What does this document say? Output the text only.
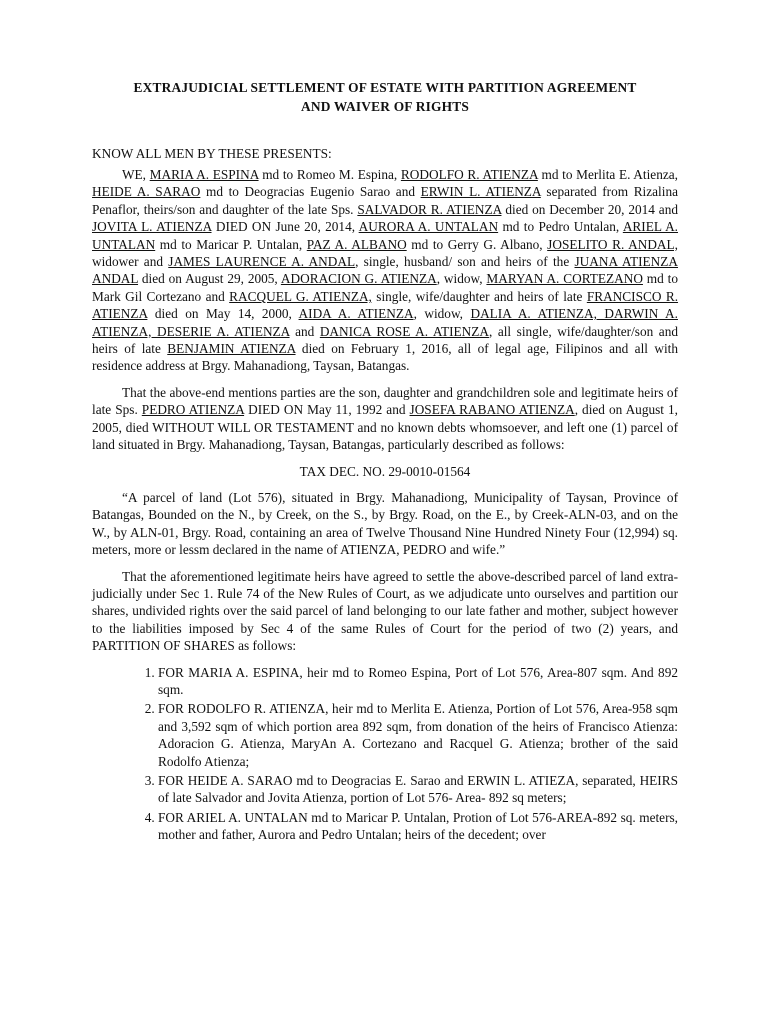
EXTRAJUDICIAL SETTLEMENT OF ESTATE WITH PARTITION AGREEMENT
AND WAIVER OF RIGHTS
KNOW ALL MEN BY THESE PRESENTS:

WE, MARIA A. ESPINA md to Romeo M. Espina, RODOLFO R. ATIENZA md to Merlita E. Atienza, HEIDE A. SARAO md to Deogracias Eugenio Sarao and ERWIN L. ATIENZA separated from Rizalina Penaflor, theirs/son and daughter of the late Sps. SALVADOR R. ATIENZA died on December 20, 2014 and JOVITA L. ATIENZA DIED ON June 20, 2014, AURORA A. UNTALAN md to Pedro Untalan, ARIEL A. UNTALAN md to Maricar P. Untalan, PAZ A. ALBANO md to Gerry G. Albano, JOSELITO R. ANDAL, widower and JAMES LAURENCE A. ANDAL, single, husband/ son and heirs of the JUANA ATIENZA ANDAL died on August 29, 2005, ADORACION G. ATIENZA, widow, MARYAN A. CORTEZANO md to Mark Gil Cortezano and RACQUEL G. ATIENZA, single, wife/daughter and heirs of late FRANCISCO R. ATIENZA died on May 14, 2000, AIDA A. ATIENZA, widow, DALIA A. ATIENZA, DARWIN A. ATIENZA, DESERIE A. ATIENZA and DANICA ROSE A. ATIENZA, all single, wife/daughter/son and heirs of late BENJAMIN ATIENZA died on February 1, 2016, all of legal age, Filipinos and all with residence address at Brgy. Mahanadiong, Taysan, Batangas.

That the above-end mentions parties are the son, daughter and grandchildren sole and legitimate heirs of late Sps. PEDRO ATIENZA DIED ON May 11, 1992 and JOSEFA RABANO ATIENZA, died on August 1, 2005, died WITHOUT WILL OR TESTAMENT and no known debts whomsoever, and left one (1) parcel of land situated in Brgy. Mahanadiong, Taysan, Batangas, particularly described as follows:

TAX DEC. NO. 29-0010-01564

“A parcel of land (Lot 576), situated in Brgy. Mahanadiong, Municipality of Taysan, Province of Batangas, Bounded on the N., by Creek, on the S., by Brgy. Road, on the E., by Creek-ALN-03, and on the W., by ALN-01, Brgy. Road, containing an area of Twelve Thousand Nine Hundred Ninety Four (12,994) sq. meters, more or lessm declared in the name of ATIENZA, PEDRO and wife.”

That the aforementioned legitimate heirs have agreed to settle the above-described parcel of land extra-judicially under Sec 1. Rule 74 of the New Rules of Court, as we adjudicate unto ourselves and partition our shares, undivided rights over the said parcel of land belonging to our late father and mother, subject however to the liabilities imposed by Sec 4 of the same Rules of Court for the period of two (2) years, and PARTITION OF SHARES as follows:

1. FOR MARIA A. ESPINA, heir md to Romeo Espina, Port of Lot 576, Area-807 sqm. And 892 sqm.
2. FOR RODOLFO R. ATIENZA, heir md to Merlita E. Atienza, Portion of Lot 576, Area-958 sqm and 3,592 sqm of which portion area 892 sqm, from donation of the heirs of Francisco Atienza: Adoracion G. Atienza, MaryAn A. Cortezano and Racquel G. Atienza; brother of the said Rodolfo Atienza;
3. FOR HEIDE A. SARAO md to Deogracias E. Sarao and ERWIN L. ATIEZA, separated, HEIRS of late Salvador and Jovita Atienza, portion of Lot 576- Area- 892 sq meters;
4. FOR ARIEL A. UNTALAN md to Maricar P. Untalan, Protion of Lot 576-AREA-892 sq. meters, mother and father, Aurora and Pedro Untalan; heirs of the decedent; over
